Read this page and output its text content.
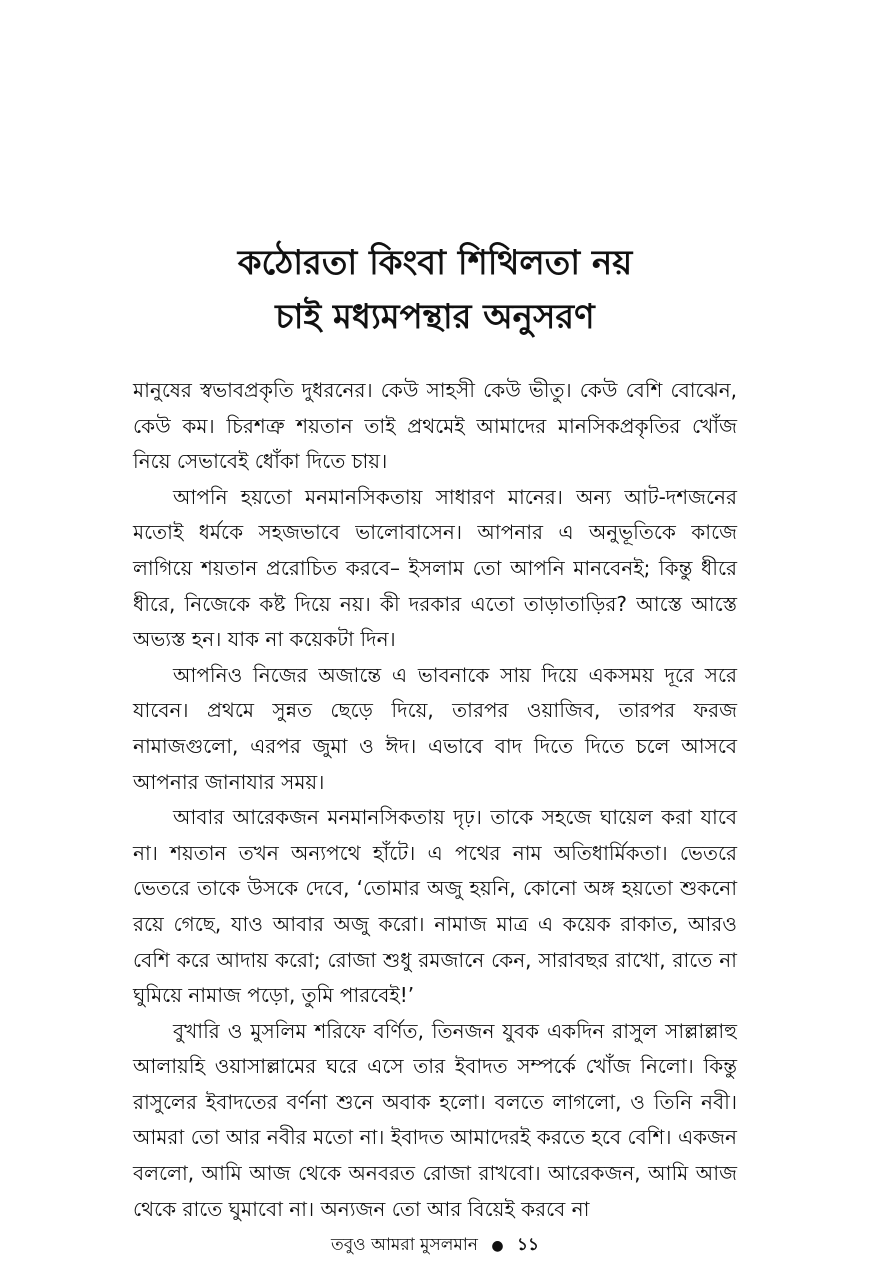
কঠোরতা কিংবা শিথিলতা নয়
চাই মধ্যমপন্থার অনুসরণ

মানুষের স্বভাবপ্রকৃতি দুধরনের। কেউ সাহসী কেউ ভীতু। কেউ বেশি বোঝেন, কেউ কম। চিরশত্রু শয়তান তাই প্রথমেই আমাদের মানসিকপ্রকৃতির খোঁজ নিয়ে সেভাবেই ধোঁকা দিতে চায়।

আপনি হয়তো মনমানসিকতায় সাধারণ মানের। অন্য আট-দশজনের মতোই ধর্মকে সহজভাবে ভালোবাসেন। আপনার এ অনুভূতিকে কাজে লাগিয়ে শয়তান প্ররোচিত করবে– ইসলাম তো আপনি মানবেনই; কিন্তু ধীরে ধীরে, নিজেকে কষ্ট দিয়ে নয়। কী দরকার এতো তাড়াতাড়ির? আস্তে আস্তে অভ্যস্ত হন। যাক না কয়েকটা দিন।

আপনিও নিজের অজান্তে এ ভাবনাকে সায় দিয়ে একসময় দূরে সরে যাবেন। প্রথমে সুন্নত ছেড়ে দিয়ে, তারপর ওয়াজিব, তারপর ফরজ নামাজগুলো, এরপর জুমা ও ঈদ। এভাবে বাদ দিতে দিতে চলে আসবে আপনার জানাযার সময়।

আবার আরেকজন মনমানসিকতায় দৃঢ়। তাকে সহজে ঘায়েল করা যাবে না। শয়তান তখন অন্যপথে হাঁটে। এ পথের নাম অতিধার্মিকতা। ভেতরে ভেতরে তাকে উসকে দেবে, ‘তোমার অজু হয়নি, কোনো অঙ্গ হয়তো শুকনো রয়ে গেছে, যাও আবার অজু করো। নামাজ মাত্র এ কয়েক রাকাত, আরও বেশি করে আদায় করো; রোজা শুধু রমজানে কেন, সারাবছর রাখো, রাতে না ঘুমিয়ে নামাজ পড়ো, তুমি পারবেই!’

বুখারি ও মুসলিম শরিফে বর্ণিত, তিনজন যুবক একদিন রাসুল সাল্লাল্লাহু আলায়হি ওয়াসাল্লামের ঘরে এসে তার ইবাদত সম্পর্কে খোঁজ নিলো। কিন্তু রাসুলের ইবাদতের বর্ণনা শুনে অবাক হলো। বলতে লাগলো, ও তিনি নবী। আমরা তো আর নবীর মতো না। ইবাদত আমাদেরই করতে হবে বেশি। একজন বললো, আমি আজ থেকে অনবরত রোজা রাখবো। আরেকজন, আমি আজ থেকে রাতে ঘুমাবো না। অন্যজন তো আর বিয়েই করবে না

তবুও আমরা মুসলমান ● ১১
